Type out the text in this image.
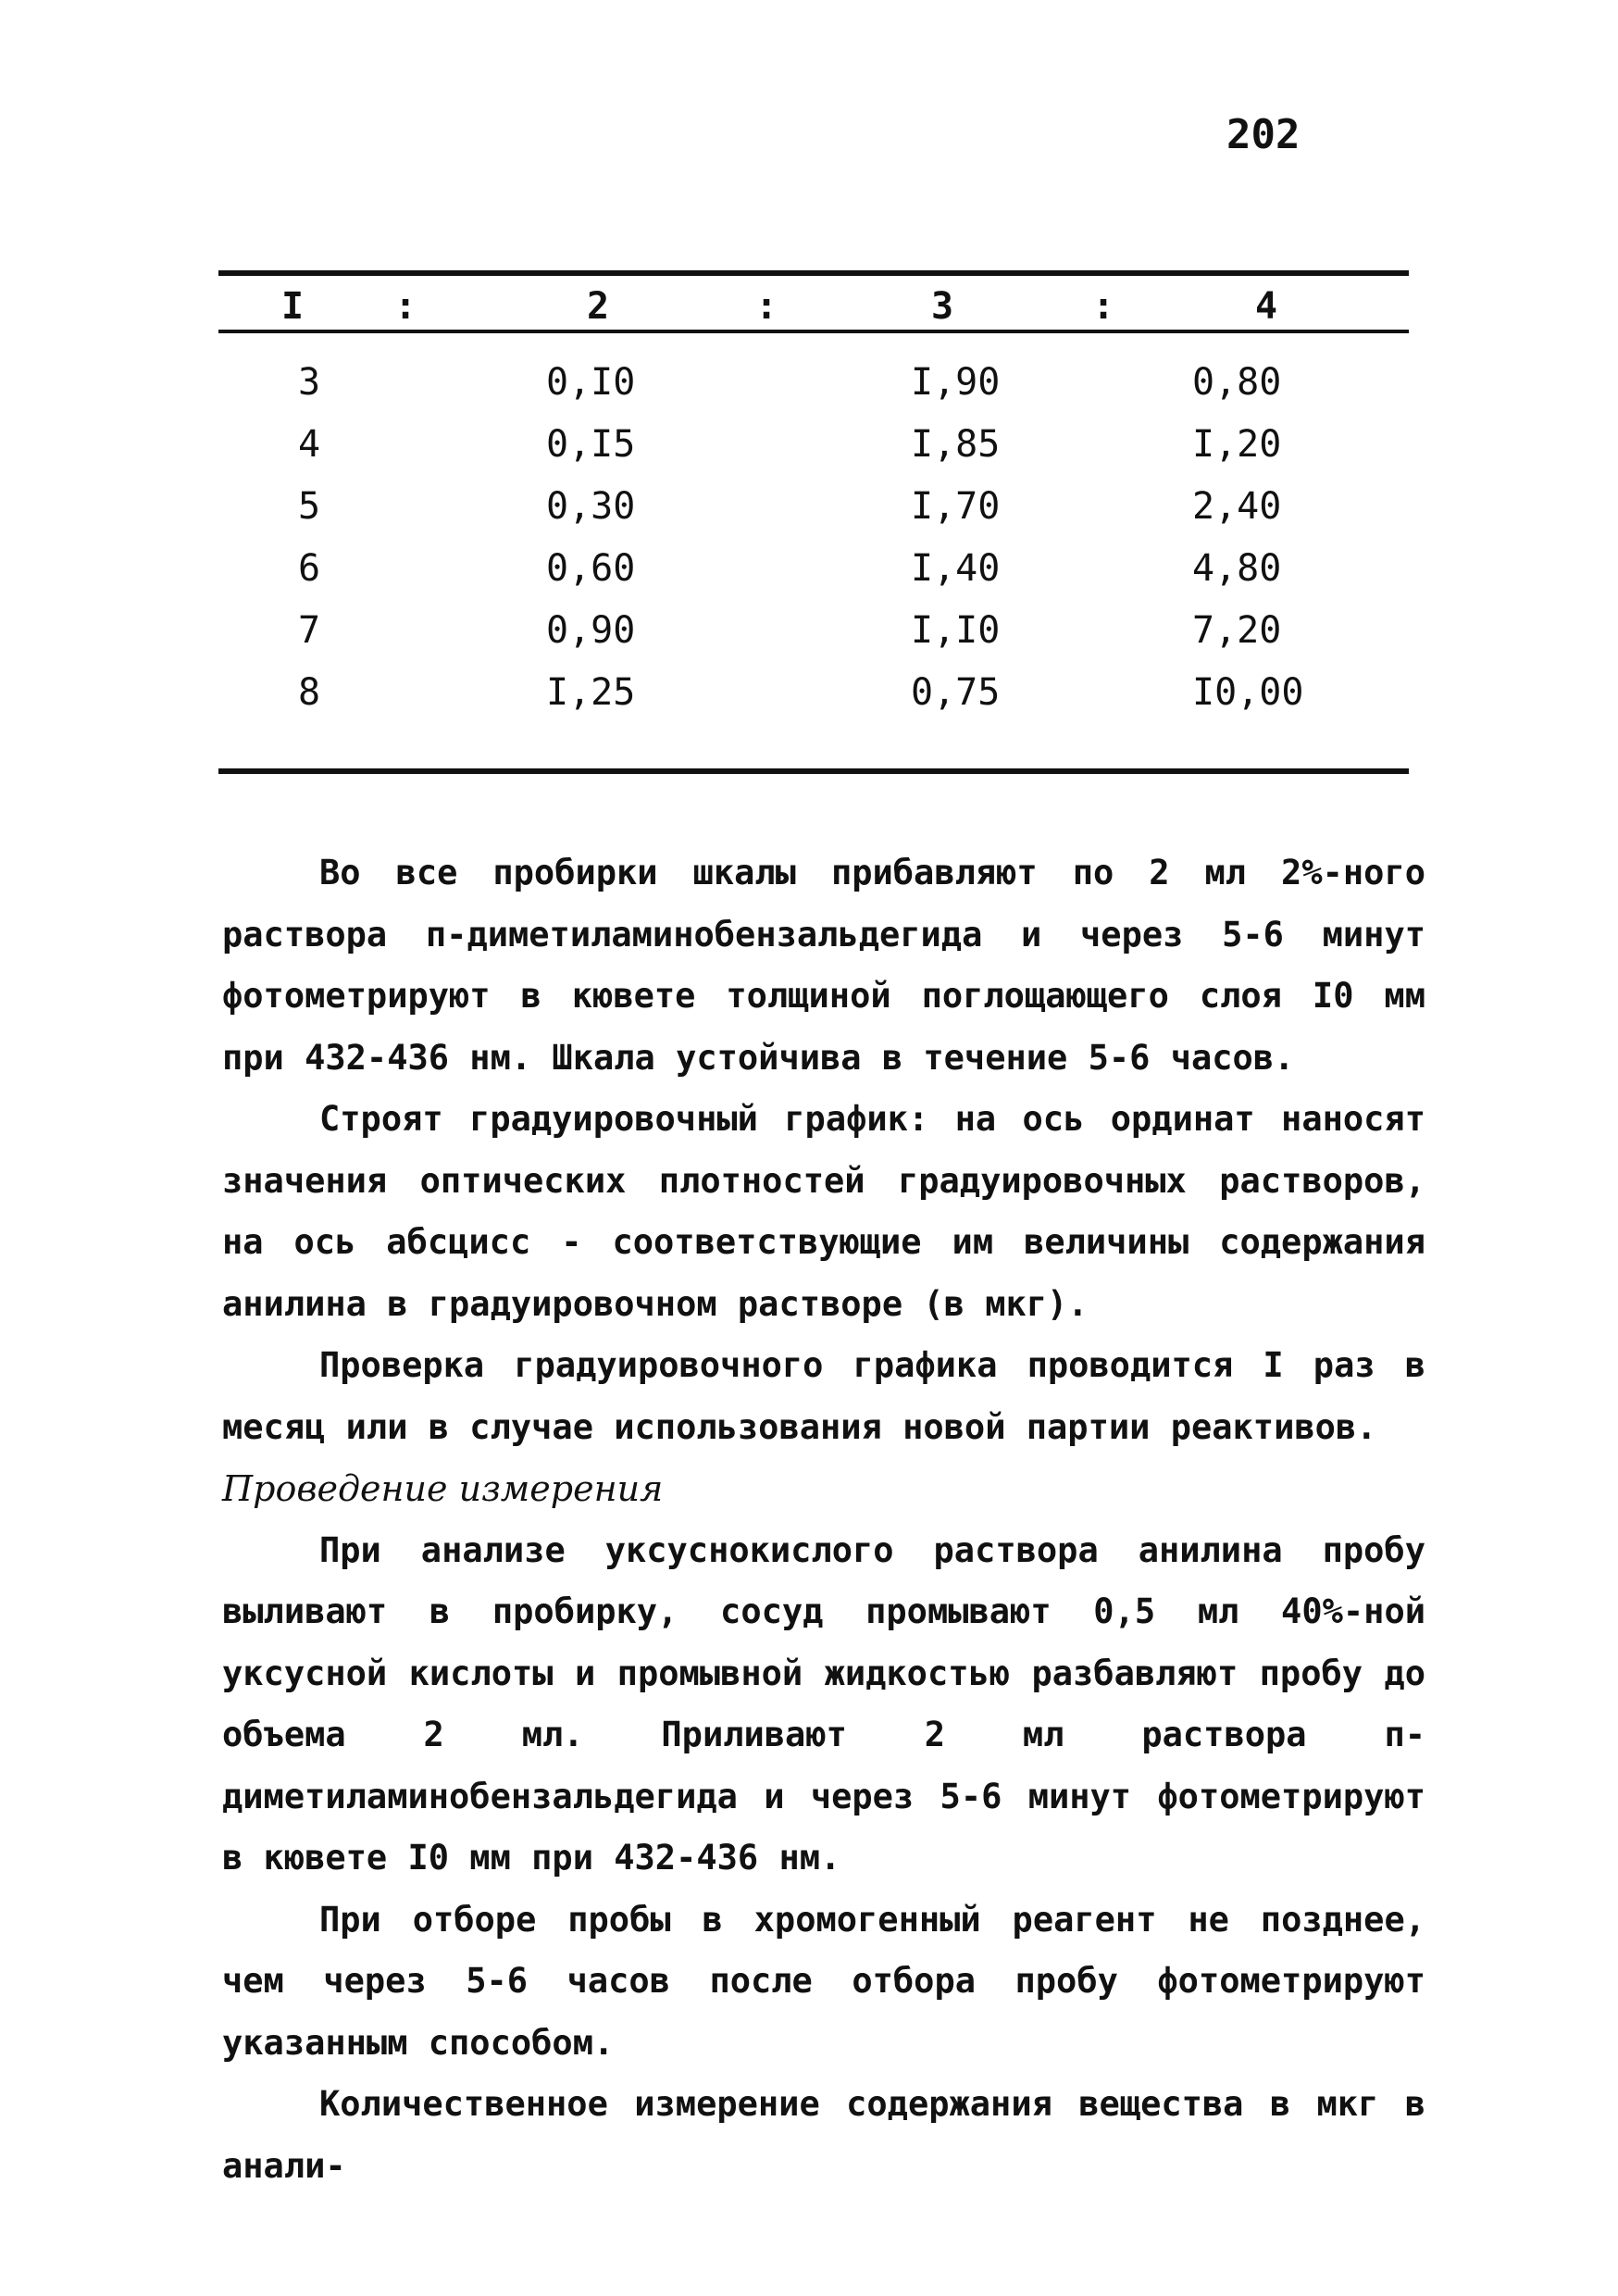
202
I :	2	:	3	:	4
3	0,I0	I,90	0,80
4	0,I5	I,85	I,20
5	0,30	I,70	2,40
6	0,60	I,40	4,80
7	0,90	I,I0	7,20
8	I,25	0,75	I0,00

Во все пробирки шкалы прибавляют по 2 мл 2%-ного раствора п-диметиламинобензальдегида и через 5-6 минут фотометрируют в кювете толщиной поглощающего слоя I0 мм при 432-436 нм. Шкала устойчива в течение 5-6 часов.

Строят градуировочный график: на ось ординат наносят значения оптических плотностей градуировочных растворов, на ось абсцисс - соответствующие им величины содержания анилина в градуировочном растворе (в мкг).

Проверка градуировочного графика проводится I раз в месяц или в случае использования новой партии реактивов.

Проведение измерения

При анализе уксуснокислого раствора анилина пробу выливают в пробирку, сосуд промывают 0,5 мл 40%-ной уксусной кислоты и промывной жидкостью разбавляют пробу до объема 2 мл. Приливают 2 мл раствора п-диметиламинобензальдегида и через 5-6 минут фотометрируют в кювете I0 мм при 432-436 нм.

При отборе пробы в хромогенный реагент не позднее, чем через 5-6 часов после отбора пробу фотометрируют указанным способом.

Количественное измерение содержания вещества в мкг в анали-
